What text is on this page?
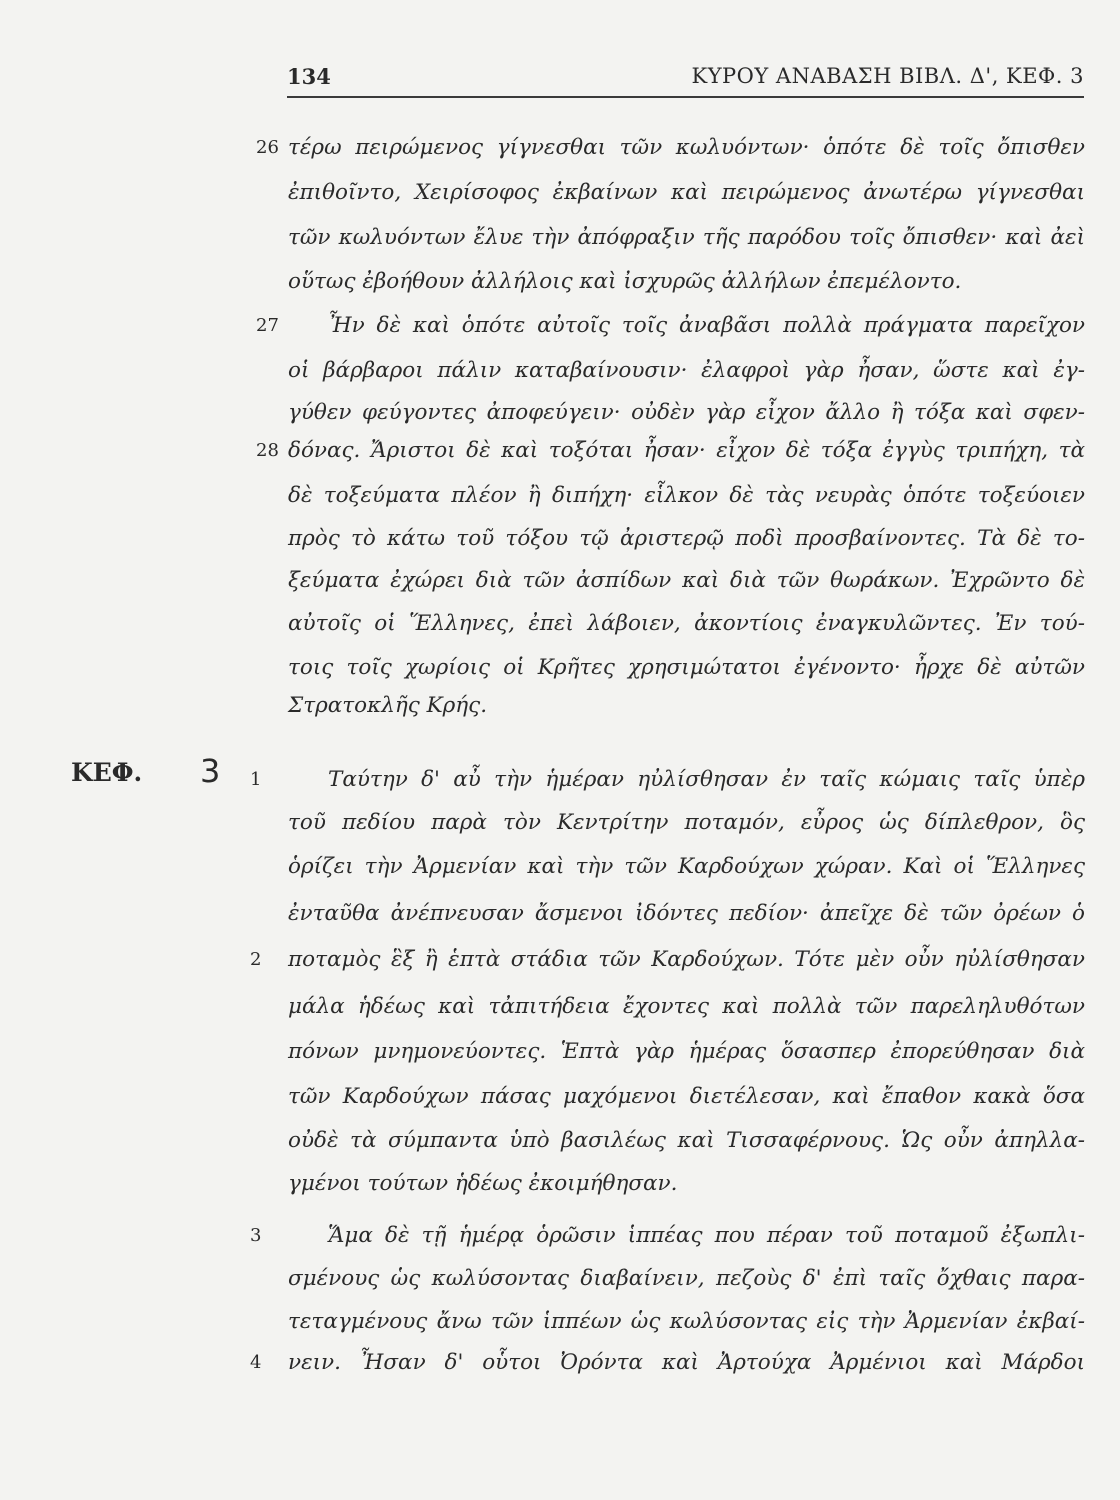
134	ΚΥΡΟΥ ΑΝΑΒΑΣΗ ΒΙΒΛ. Δ', ΚΕΦ. 3
ΚΕΦ. 3
26
27
28
1
2
3
4
τέρω πειρώμενος γίγνεσθαι τῶν κωλυόντων· ὁπότε δὲ τοῖς ὄπισθεν
ἐπιθοῖντο, Χειρίσοφος ἐκβαίνων καὶ πειρώμενος ἀνωτέρω γίγνεσθαι
τῶν κωλυόντων ἔλυε τὴν ἀπόφραξιν τῆς παρόδου τοῖς ὄπισθεν· καὶ ἀεὶ
οὕτως ἐβοήθουν ἀλλήλοις καὶ ἰσχυρῶς ἀλλήλων ἐπεμέλοντο.
Ἦν δὲ καὶ ὁπότε αὐτοῖς τοῖς ἀναβᾶσι πολλὰ πράγματα παρεῖχον
οἱ βάρβαροι πάλιν καταβαίνουσιν· ἐλαφροὶ γὰρ ἦσαν, ὥστε καὶ ἐγ-
γύθεν φεύγοντες ἀποφεύγειν· οὐδὲν γὰρ εἶχον ἄλλο ἢ τόξα καὶ σφεν-
δόνας. Ἄριστοι δὲ καὶ τοξόται ἦσαν· εἶχον δὲ τόξα ἐγγὺς τριπήχη, τὰ
δὲ τοξεύματα πλέον ἢ διπήχη· εἷλκον δὲ τὰς νευρὰς ὁπότε τοξεύοιεν
πρὸς τὸ κάτω τοῦ τόξου τῷ ἀριστερῷ ποδὶ προσβαίνοντες. Τὰ δὲ το-
ξεύματα ἐχώρει διὰ τῶν ἀσπίδων καὶ διὰ τῶν θωράκων. Ἐχρῶντο δὲ
αὐτοῖς οἱ Ἕλληνες, ἐπεὶ λάβοιεν, ἀκοντίοις ἐναγκυλῶντες. Ἐν τού-
τοις τοῖς χωρίοις οἱ Κρῆτες χρησιμώτατοι ἐγένοντο· ἦρχε δὲ αὐτῶν
Στρατοκλῆς Κρής.
Ταύτην δ' αὖ τὴν ἡμέραν ηὐλίσθησαν ἐν ταῖς κώμαις ταῖς ὑπὲρ
τοῦ πεδίου παρὰ τὸν Κεντρίτην ποταμόν, εὖρος ὡς δίπλεθρον, ὃς
ὁρίζει τὴν Ἀρμενίαν καὶ τὴν τῶν Καρδούχων χώραν. Καὶ οἱ Ἕλληνες
ἐνταῦθα ἀνέπνευσαν ἄσμενοι ἰδόντες πεδίον· ἀπεῖχε δὲ τῶν ὀρέων ὁ
ποταμὸς ἓξ ἢ ἑπτὰ στάδια τῶν Καρδούχων. Τότε μὲν οὖν ηὐλίσθησαν
μάλα ἡδέως καὶ τἀπιτήδεια ἔχοντες καὶ πολλὰ τῶν παρεληλυθότων
πόνων μνημονεύοντες. Ἑπτὰ γὰρ ἡμέρας ὅσασπερ ἐπορεύθησαν διὰ
τῶν Καρδούχων πάσας μαχόμενοι διετέλεσαν, καὶ ἔπαθον κακὰ ὅσα
οὐδὲ τὰ σύμπαντα ὑπὸ βασιλέως καὶ Τισσαφέρνους. Ὡς οὖν ἀπηλλα-
γμένοι τούτων ἡδέως ἐκοιμήθησαν.
Ἅμα δὲ τῇ ἡμέρᾳ ὁρῶσιν ἱππέας που πέραν τοῦ ποταμοῦ ἐξωπλι-
σμένους ὡς κωλύσοντας διαβαίνειν, πεζοὺς δ' ἐπὶ ταῖς ὄχθαις παρα-
τεταγμένους ἄνω τῶν ἱππέων ὡς κωλύσοντας εἰς τὴν Ἀρμενίαν ἐκβαί-
νειν. Ἦσαν δ' οὗτοι Ὀρόντα καὶ Ἀρτούχα Ἀρμένιοι καὶ Μάρδοι
